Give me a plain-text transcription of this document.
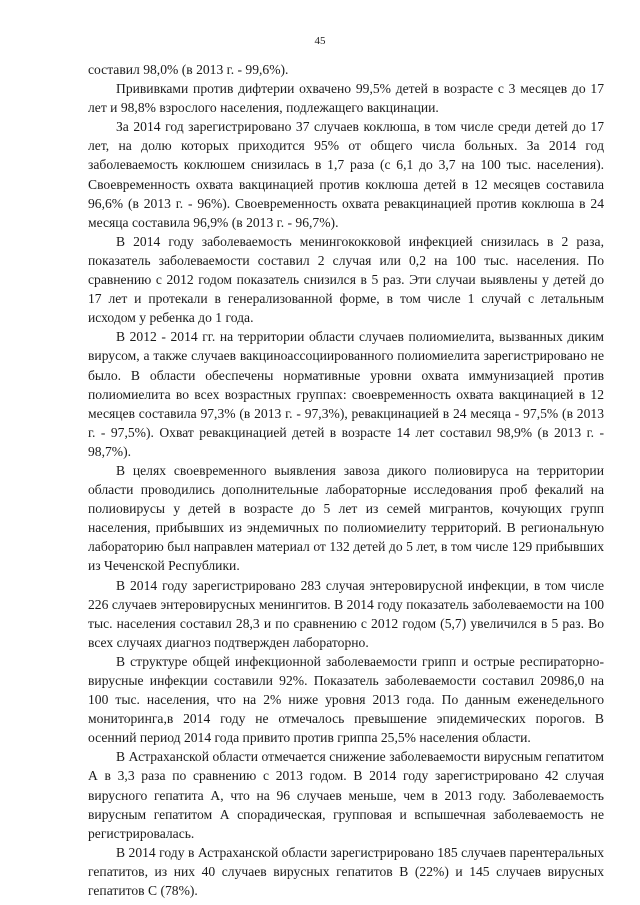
45

составил 98,0% (в 2013 г. - 99,6%).

Прививками против дифтерии охвачено 99,5% детей в возрасте с 3 месяцев до 17 лет и 98,8% взрослого населения, подлежащего вакцинации.

За 2014 год зарегистрировано 37 случаев коклюша, в том числе среди детей до 17 лет, на долю которых приходится 95% от общего числа больных. За 2014 год заболеваемость коклюшем снизилась в 1,7 раза (с 6,1 до 3,7 на 100 тыс. населения). Своевременность охвата вакцинацией против коклюша детей в 12 месяцев составила 96,6% (в 2013 г. - 96%). Своевременность охвата ревакцинацией против коклюша в 24 месяца составила 96,9% (в 2013 г. - 96,7%).

В 2014 году заболеваемость менингококковой инфекцией снизилась в 2 раза, показатель заболеваемости составил 2 случая или 0,2 на 100 тыс. населения. По сравнению с 2012 годом показатель снизился в 5 раз. Эти случаи выявлены у детей до 17 лет и протекали в генерализованной форме, в том числе 1 случай с летальным исходом у ребенка до 1 года.

В 2012 - 2014 гг. на территории области случаев полиомиелита, вызванных диким вирусом, а также случаев вакциноассоциированного полиомиелита зарегистрировано не было. В области обеспечены нормативные уровни охвата иммунизацией против полиомиелита во всех возрастных группах: своевременность охвата вакцинацией в 12 месяцев составила 97,3% (в 2013 г. - 97,3%), ревакцинацией в 24 месяца - 97,5% (в 2013 г. - 97,5%). Охват ревакцинацией детей в возрасте 14 лет составил 98,9% (в 2013 г. - 98,7%).

В целях своевременного выявления завоза дикого полиовируса на территории области проводились дополнительные лабораторные исследования проб фекалий на полиовирусы у детей в возрасте до 5 лет из семей мигрантов, кочующих групп населения, прибывших из эндемичных по полиомиелиту территорий. В региональную лабораторию был направлен материал от 132 детей до 5 лет, в том числе 129 прибывших из Чеченской Республики.

В 2014 году зарегистрировано 283 случая энтеровирусной инфекции, в том числе 226 случаев энтеровирусных менингитов. В 2014 году показатель заболеваемости на 100 тыс. населения составил 28,3 и по сравнению с 2012 годом (5,7) увеличился в 5 раз. Во всех случаях диагноз подтвержден лабораторно.

В структуре общей инфекционной заболеваемости грипп и острые респираторно-вирусные инфекции составили 92%. Показатель заболеваемости составил 20986,0 на 100 тыс. населения, что на 2% ниже уровня 2013 года. По данным еженедельного мониторинга,в 2014 году не отмечалось превышение эпидемических порогов. В осенний период 2014 года привито против гриппа 25,5% населения области.

В Астраханской области отмечается снижение заболеваемости вирусным гепатитом А в 3,3 раза по сравнению с 2013 годом. В 2014 году зарегистрировано 42 случая вирусного гепатита А, что на 96 случаев меньше, чем в 2013 году. Заболеваемость вирусным гепатитом А спорадическая, групповая и вспышечная заболеваемость не регистрировалась.

В 2014 году в Астраханской области зарегистрировано 185 случаев парентеральных гепатитов, из них 40 случаев вирусных гепатитов В (22%) и 145 случаев вирусных гепатитов С (78%).
